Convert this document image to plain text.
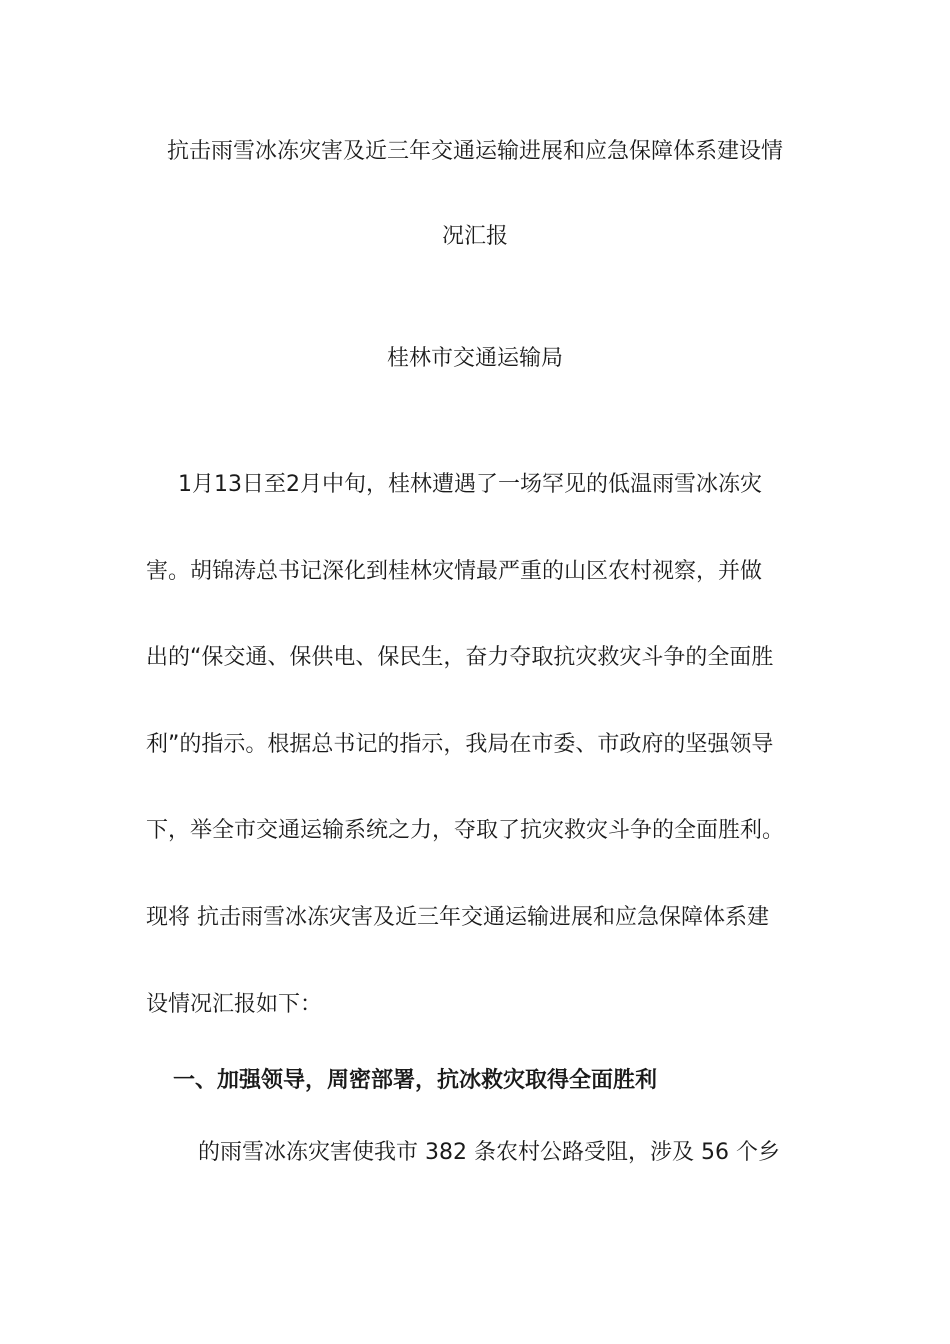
抗击雨雪冰冻灾害及近三年交通运输进展和应急保障体系建设情
况汇报
桂林市交通运输局
1月13日至2月中旬，桂林遭遇了一场罕见的低温雨雪冰冻灾
害。胡锦涛总书记深化到桂林灾情最严重的山区农村视察，并做
出的“保交通、保供电、保民生，奋力夺取抗灾救灾斗争的全面胜
利”的指示。根据总书记的指示，我局在市委、市政府的坚强领导
下，举全市交通运输系统之力，夺取了抗灾救灾斗争的全面胜利。
现将 抗击雨雪冰冻灾害及近三年交通运输进展和应急保障体系建
设情况汇报如下：
一、加强领导，周密部署，抗冰救灾取得全面胜利
的雨雪冰冻灾害使我市 382 条农村公路受阻，涉及 56 个乡
